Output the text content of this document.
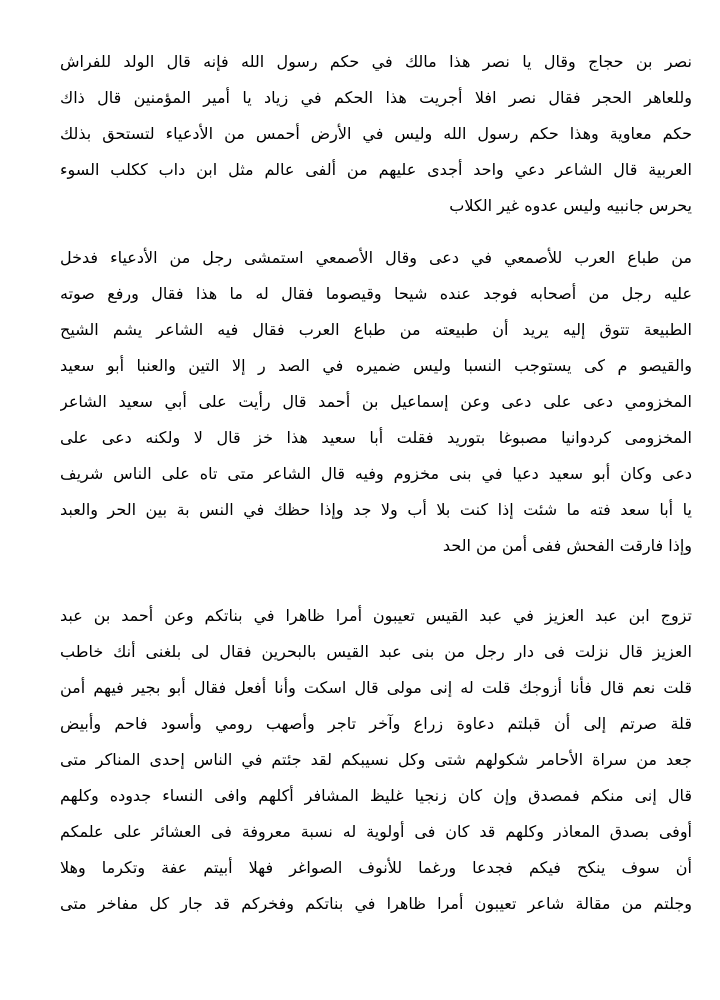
نصر بن حجاج وقال يا نصر هذا مالك في حكم رسول الله فإنه قال الولد للفراش
وللعاهر الحجر فقال نصر افلا أجريت هذا الحكم في زياد يا أمير المؤمنين قال ذاك
حكم معاوية وهذا حكم رسول الله وليس في الأرض أحمس من الأدعياء لتستحق بذلك
العربية قال الشاعر دعي واحد أجدى عليهم من ألفى عالم مثل ابن داب ككلب السوء
يحرس جانبيه وليس عدوه غير الكلاب
من طباع العرب للأصمعي في دعى وقال الأصمعي استمشى رجل من الأدعياء فدخل
عليه رجل من أصحابه فوجد عنده شيحا وقيصوما فقال له ما هذا فقال ورفع صوته
الطبيعة تتوق إليه يريد أن طبيعته من طباع العرب فقال فيه الشاعر يشم الشيح
والقيصو م كى يستوجب النسبا وليس ضميره في الصد ر إلا التين والعنبا أبو سعيد
المخزومي دعى على دعى وعن إسماعيل بن أحمد قال رأيت على أبي سعيد الشاعر
المخزومى كردوانيا مصبوغا بتوريد فقلت أبا سعيد هذا خز قال لا ولكنه دعى على
دعى وكان أبو سعيد دعيا في بنى مخزوم وفيه قال الشاعر متى تاه على الناس شريف
يا أبا سعد فته ما شئت إذا كنت بلا أب ولا جد وإذا حظك في النس بة بين الحر والعبد
وإذا فارقت الفحش ففى أمن من الحد
تزوج ابن عبد العزيز في عبد القيس تعيبون أمرا ظاهرا في بناتكم وعن أحمد بن عبد
العزيز قال نزلت فى دار رجل من بنى عبد القيس بالبحرين فقال لى بلغنى أنك خاطب
قلت نعم قال فأنا أزوجك قلت له إنى مولى قال اسكت وأنا أفعل فقال أبو بجير فيهم أمن
قلة صرتم إلى أن قبلتم دعاوة زراع وآخر تاجر وأصهب رومي وأسود فاحم وأبيض
جعد من سراة الأحامر شكولهم شتى وكل نسيبكم لقد جئتم في الناس إحدى المناكر متى
قال إنى منكم فمصدق وإن كان زنجيا غليظ المشافر أكلهم وافى النساء جدوده وكلهم
أوفى بصدق المعاذر وكلهم قد كان فى أولوية له نسبة معروفة فى العشائر على علمكم
أن سوف ينكح فيكم فجدعا ورغما للأنوف الصواغر فهلا أبيتم عفة وتكرما وهلا
وجلتم من مقالة شاعر تعيبون أمرا ظاهرا في بناتكم وفخركم قد جار كل مفاخر متى
